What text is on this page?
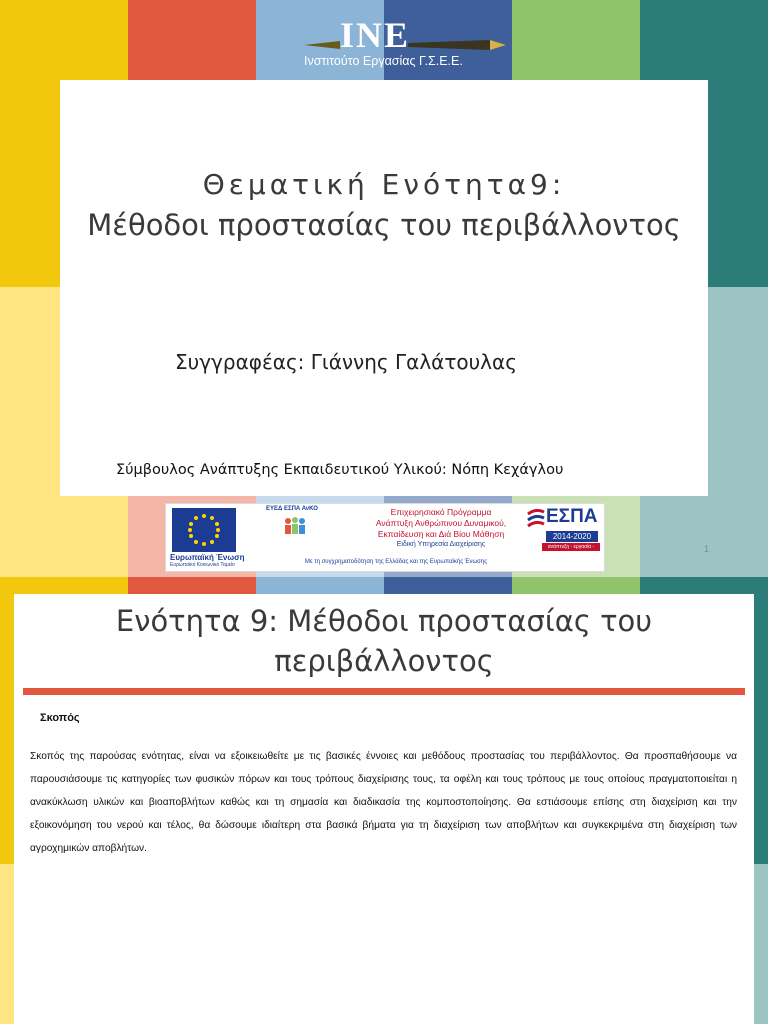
INE
Ινστιτούτο Εργασίας Γ.Σ.Ε.Ε.
Θεματική Ενότητα9:
Μέθοδοι προστασίας του περιβάλλοντος
Συγγραφέας: Γιάννης Γαλάτουλας
Σύμβουλος Ανάπτυξης Εκπαιδευτικού Υλικού: Νόπη Κεχάγλου
Ευρωπαϊκή Ένωση
Ευρωπαϊκό Κοινωνικό Ταμείο
ΕΥΕΔ ΕΣΠΑ ΑνΚΟ	Επιχειρησιακό Πρόγραμμα
Ανάπτυξη Ανθρώπινου Δυναμικού,
Εκπαίδευση και Διά Βίου Μάθηση
Ειδική Υπηρεσία Διαχείρισης
Με τη συγχρηματοδότηση της Ελλάδας και της Ευρωπαϊκής Ένωσης
ΕΣΠΑ
2014-2020
ανάπτυξη - εργασία - αλληλεγγύη
1
Ενότητα 9: Μέθοδοι προστασίας του
περιβάλλοντος
Σκοπός
Σκοπός της παρούσας ενότητας, είναι να εξοικειωθείτε με τις βασικές έννοιες και μεθόδους προστασίας του περιβάλλοντος. Θα προσπαθήσουμε να παρουσιάσουμε τις κατηγορίες των φυσικών πόρων και τους τρόπους διαχείρισης τους, τα οφέλη και τους τρόπους με τους οποίους πραγματοποιείται η ανακύκλωση υλικών και βιοαποβλήτων καθώς και τη σημασία και διαδικασία της κομποστοποίησης. Θα εστιάσουμε επίσης στη διαχείριση και την εξοικονόμηση του νερού και τέλος, θα δώσουμε ιδιαίτερη στα βασικά βήματα για τη διαχείριση των αποβλήτων και συγκεκριμένα στη διαχείριση των αγροχημικών αποβλήτων.
